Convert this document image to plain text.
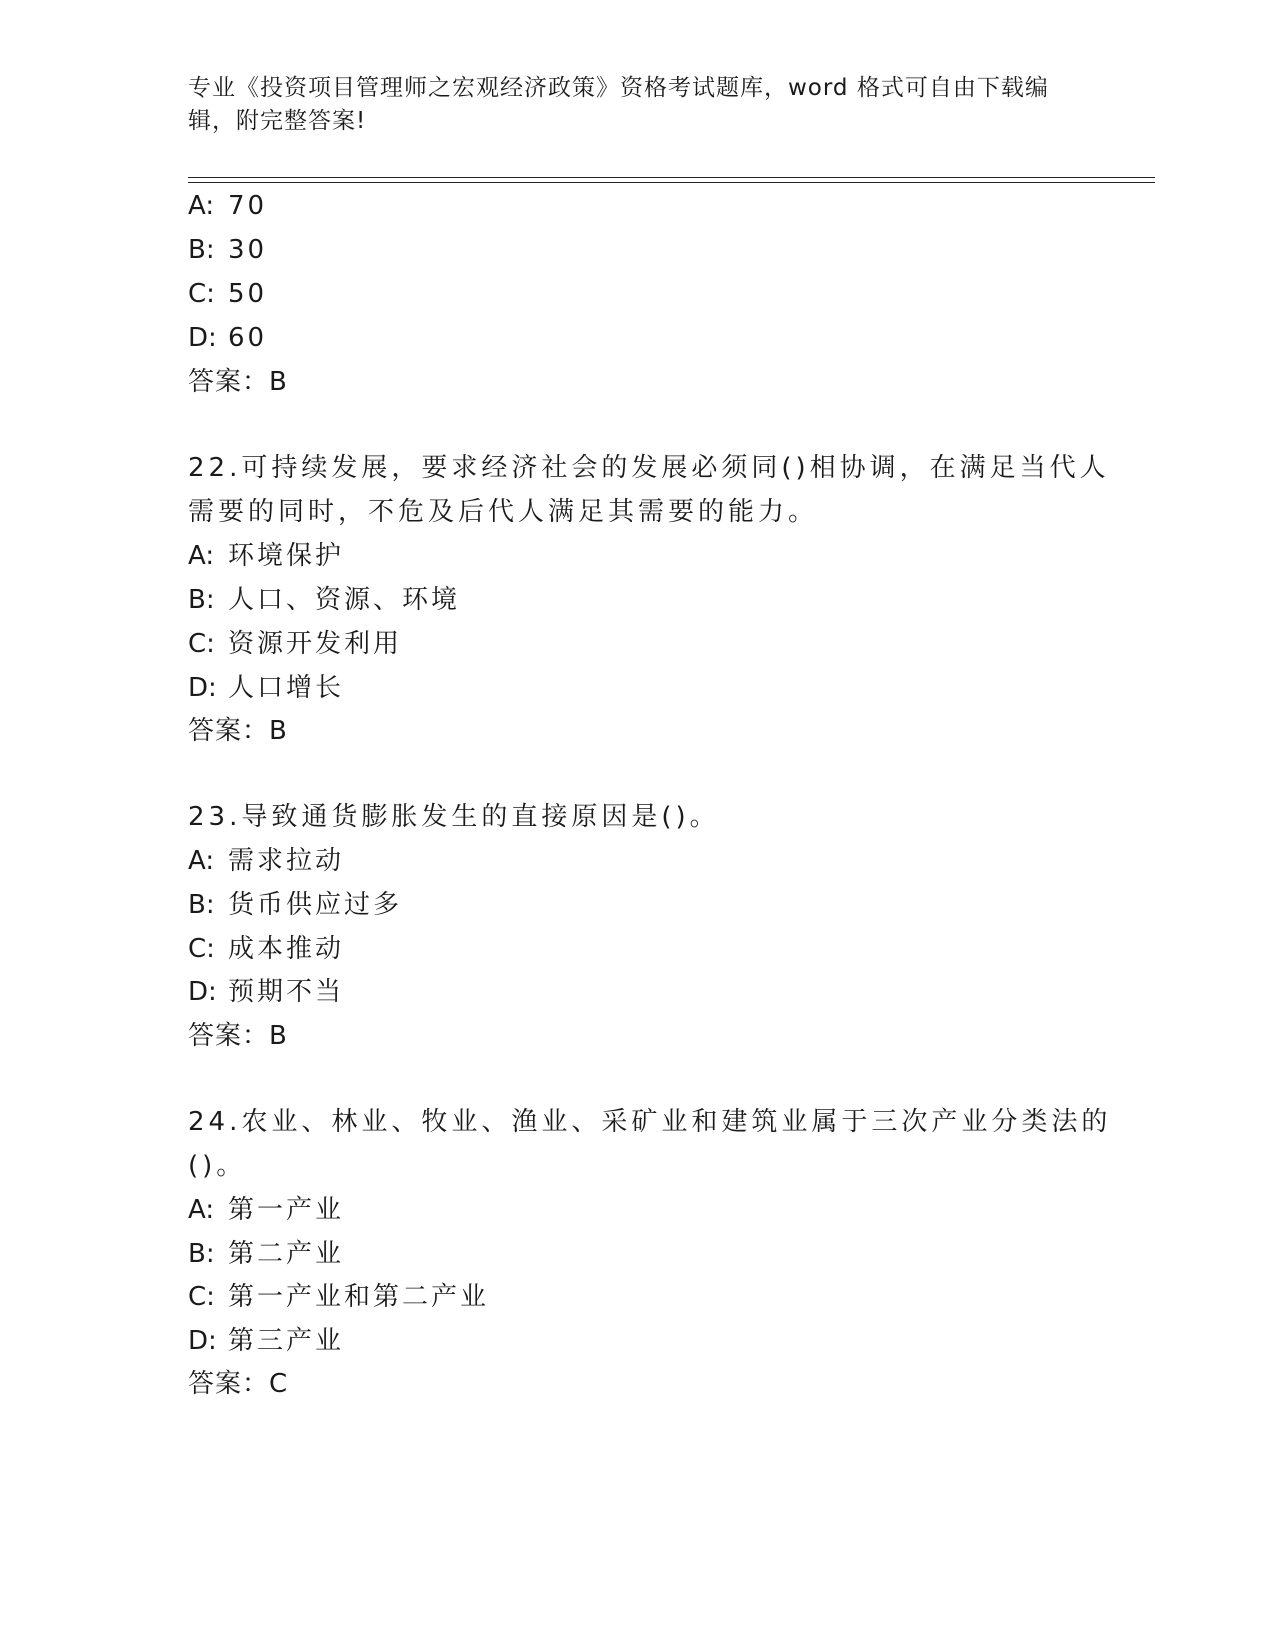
专业《投资项目管理师之宏观经济政策》资格考试题库，word 格式可自由下载编
辑，附完整答案!
A: 70
B: 30
C: 50
D: 60
答案：B
22.可持续发展，要求经济社会的发展必须同()相协调，在满足当代人
需要的同时，不危及后代人满足其需要的能力。
A: 环境保护
B: 人口、资源、环境
C: 资源开发利用
D: 人口增长
答案：B
23.导致通货膨胀发生的直接原因是()。
A: 需求拉动
B: 货币供应过多
C: 成本推动
D: 预期不当
答案：B
24.农业、林业、牧业、渔业、采矿业和建筑业属于三次产业分类法的
()。
A: 第一产业
B: 第二产业
C: 第一产业和第二产业
D: 第三产业
答案：C
